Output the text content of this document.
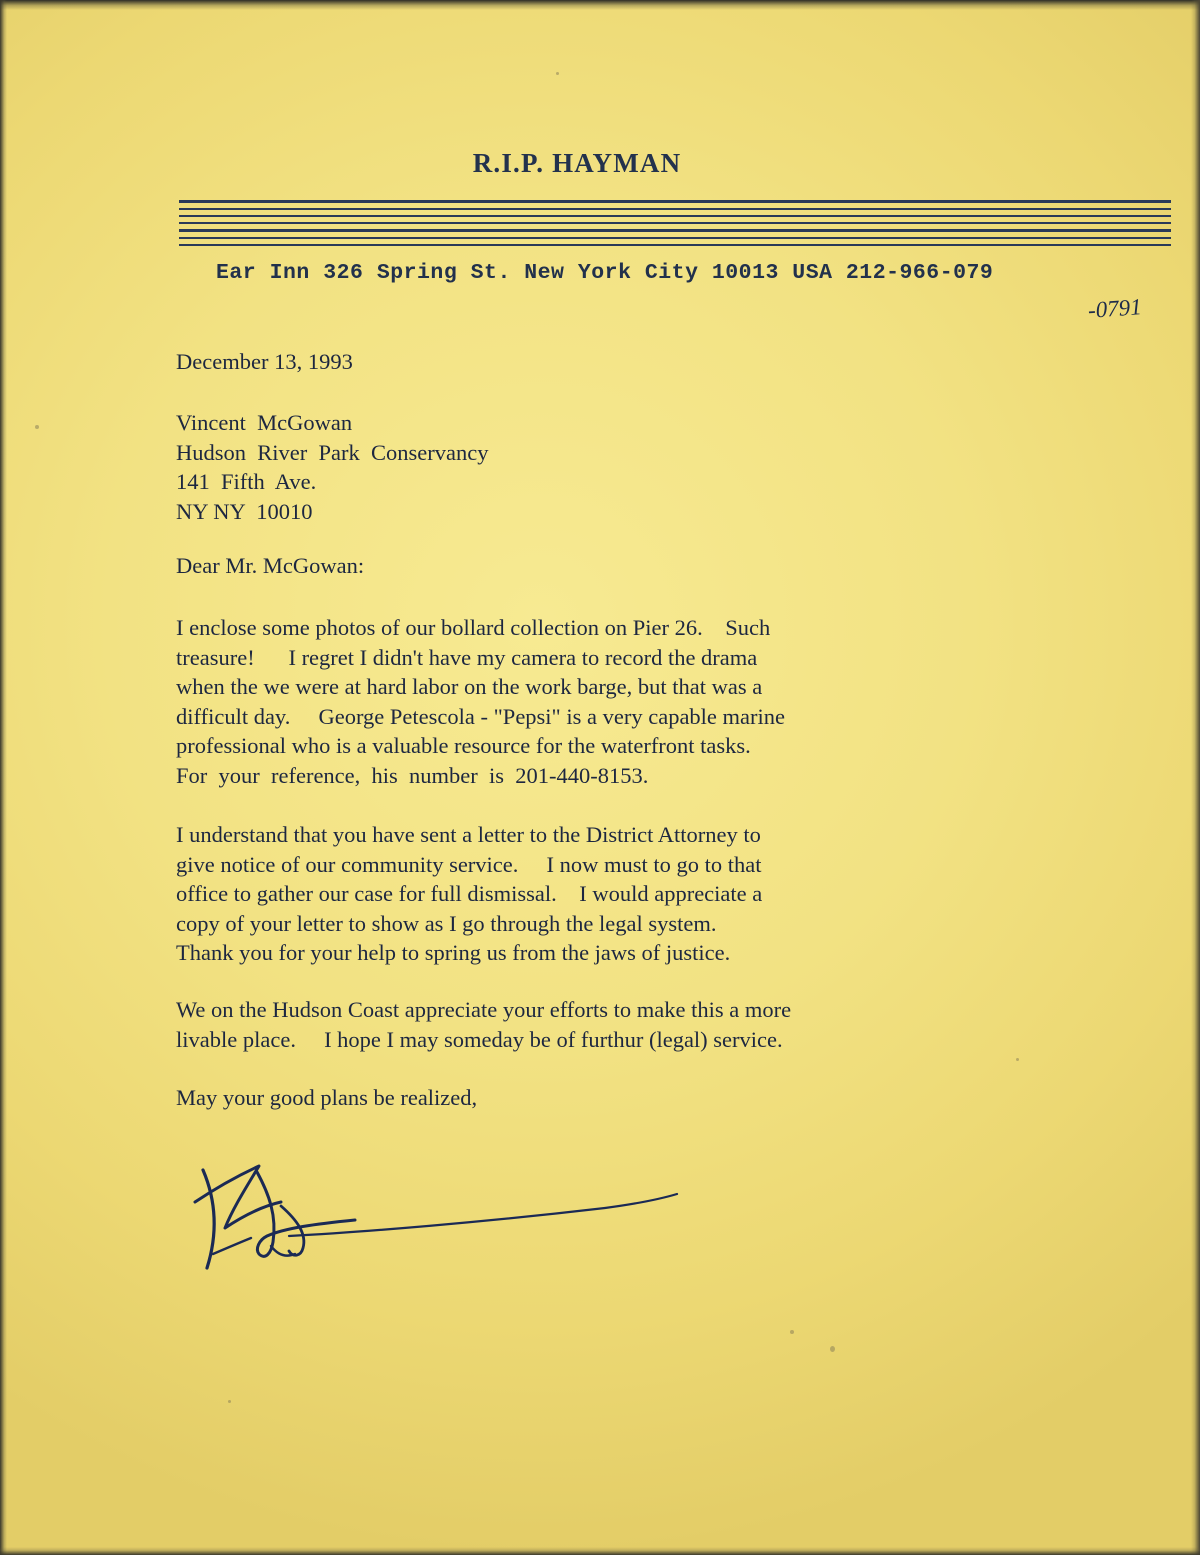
R.I.P. HAYMAN
Ear Inn 326 Spring St. New York City 10013 USA 212-966-079
-0791
December 13, 1993
Vincent  McGowan
Hudson  River  Park  Conservancy
141  Fifth  Ave.
NY NY  10010
Dear Mr. McGowan:
I enclose some photos of our bollard collection on Pier 26.    Such
treasure!      I regret I didn't have my camera to record the drama
when the we were at hard labor on the work barge, but that was a
difficult day.     George Petescola - "Pepsi" is a very capable marine
professional who is a valuable resource for the waterfront tasks.
For  your  reference,  his  number  is  201-440-8153.
I understand that you have sent a letter to the District Attorney to
give notice of our community service.     I now must to go to that
office to gather our case for full dismissal.    I would appreciate a
copy of your letter to show as I go through the legal system.
Thank you for your help to spring us from the jaws of justice.
We on the Hudson Coast appreciate your efforts to make this a more
livable place.     I hope I may someday be of furthur (legal) service.
May your good plans be realized,
